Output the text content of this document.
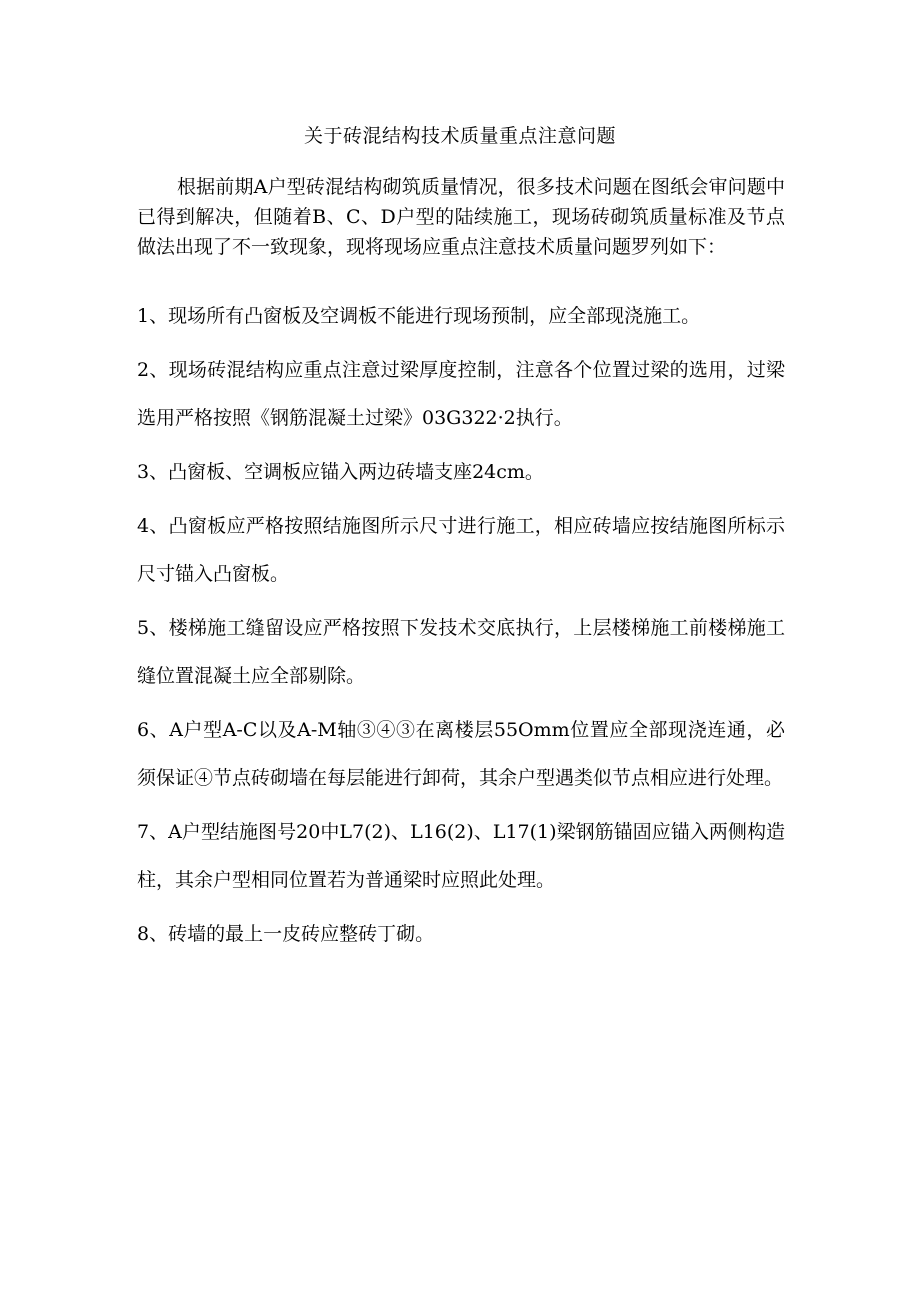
关于砖混结构技术质量重点注意问题
根据前期A户型砖混结构砌筑质量情况，很多技术问题在图纸会审问题中已得到解决，但随着B、C、D户型的陆续施工，现场砖砌筑质量标准及节点做法出现了不一致现象，现将现场应重点注意技术质量问题罗列如下：
1、现场所有凸窗板及空调板不能进行现场预制，应全部现浇施工。
2、现场砖混结构应重点注意过梁厚度控制，注意各个位置过梁的选用，过梁选用严格按照《钢筋混凝土过梁》03G322·2执行。
3、凸窗板、空调板应锚入两边砖墙支座24cm。
4、凸窗板应严格按照结施图所示尺寸进行施工，相应砖墙应按结施图所标示尺寸锚入凸窗板。
5、楼梯施工缝留设应严格按照下发技术交底执行，上层楼梯施工前楼梯施工缝位置混凝土应全部剔除。
6、A户型A-C以及A-M轴③④③在离楼层55Omm位置应全部现浇连通，必须保证④节点砖砌墙在每层能进行卸荷，其余户型遇类似节点相应进行处理。
7、A户型结施图号20中L7(2)、L16(2)、L17(1)梁钢筋锚固应锚入两侧构造柱，其余户型相同位置若为普通梁时应照此处理。
8、砖墙的最上一皮砖应整砖丁砌。
